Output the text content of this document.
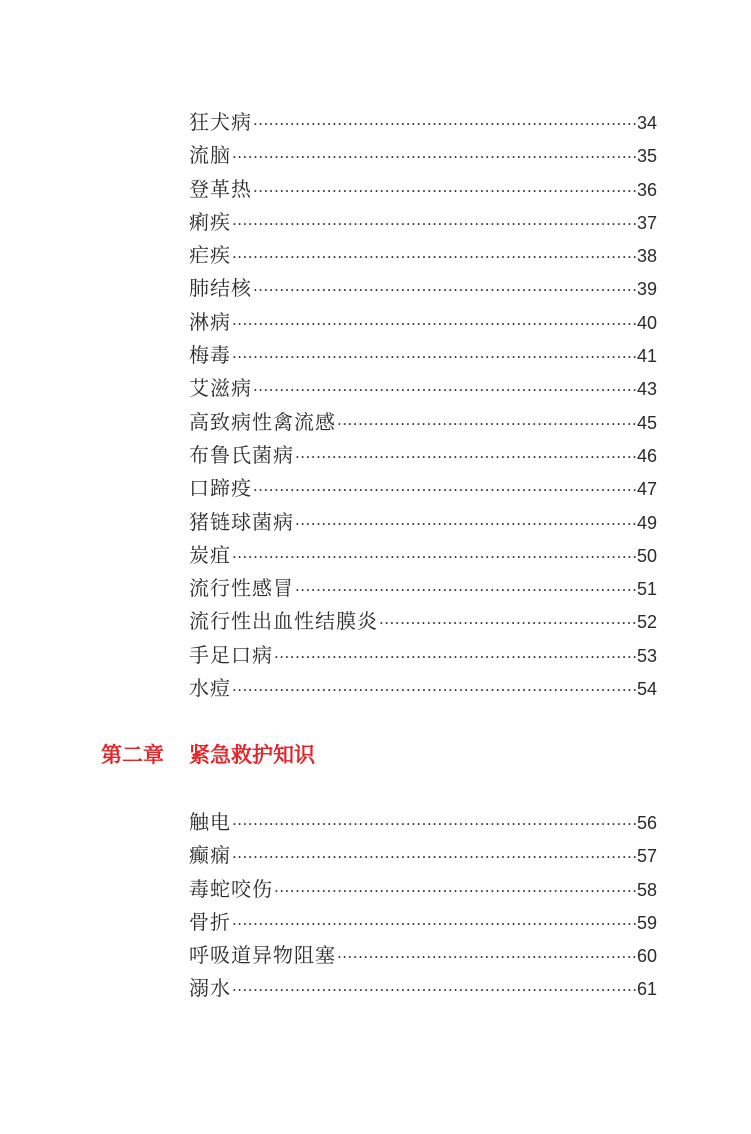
狂犬病 ·····	34
流脑 ·····	35
登革热 ·····	36
痢疾 ·····	37
疟疾 ·····	38
肺结核 ·····	39
淋病 ·····	40
梅毒 ·····	41
艾滋病 ·····	43
高致病性禽流感 ·····	45
布鲁氏菌病 ·····	46
口蹄疫 ·····	47
猪链球菌病 ·····	49
炭疽 ·····	50
流行性感冒 ·····	51
流行性出血性结膜炎 ·····	52
手足口病 ·····	53
水痘 ·····	54
第二章 紧急救护知识
触电 ·····	56
癫痫 ·····	57
毒蛇咬伤 ·····	58
骨折 ·····	59
呼吸道异物阻塞 ·····	60
溺水 ·····	61
